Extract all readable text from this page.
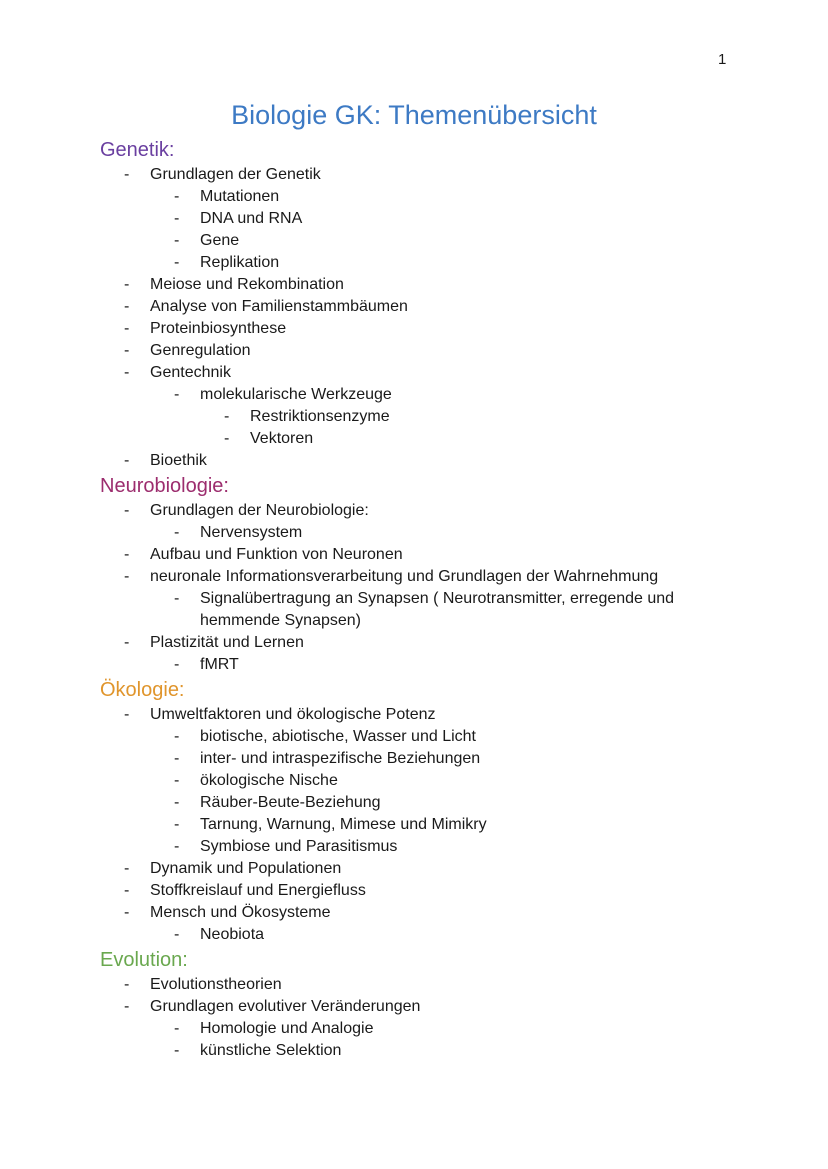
1
Biologie GK: Themenübersicht
Genetik:
- Grundlagen der Genetik
- Mutationen
- DNA und RNA
- Gene
- Replikation
- Meiose und Rekombination
- Analyse von Familienstammbäumen
- Proteinbiosynthese
- Genregulation
- Gentechnik
- molekularische Werkzeuge
- Restriktionsenzyme
- Vektoren
- Bioethik
Neurobiologie:
- Grundlagen der Neurobiologie:
- Nervensystem
- Aufbau und Funktion von Neuronen
- neuronale Informationsverarbeitung und Grundlagen der Wahrnehmung
- Signalübertragung an Synapsen ( Neurotransmitter, erregende und
hemmende Synapsen)
- Plastizität und Lernen
- fMRT
Ökologie:
- Umweltfaktoren und ökologische Potenz
- biotische, abiotische, Wasser und Licht
- inter- und intraspezifische Beziehungen
- ökologische Nische
- Räuber-Beute-Beziehung
- Tarnung, Warnung, Mimese und Mimikry
- Symbiose und Parasitismus
- Dynamik und Populationen
- Stoffkreislauf und Energiefluss
- Mensch und Ökosysteme
- Neobiota
Evolution:
- Evolutionstheorien
- Grundlagen evolutiver Veränderungen
- Homologie und Analogie
- künstliche Selektion
